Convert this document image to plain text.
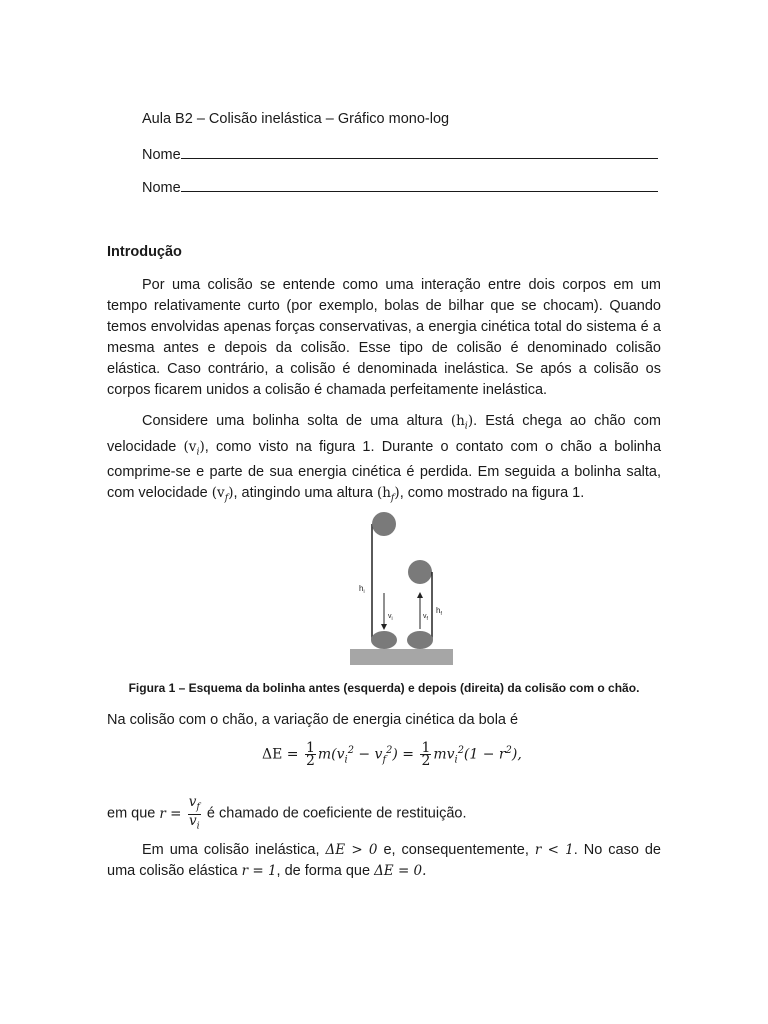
Aula B2 – Colisão inelástica – Gráfico mono-log
Nome
Nome
Introdução

Por uma colisão se entende como uma interação entre dois corpos em um tempo relativamente curto (por exemplo, bolas de bilhar que se chocam). Quando temos envolvidas apenas forças conservativas, a energia cinética total do sistema é a mesma antes e depois da colisão. Esse tipo de colisão é denominado colisão elástica. Caso contrário, a colisão é denominada inelástica. Se após a colisão os corpos ficarem unidos a colisão é chamada perfeitamente inelástica.

Considere uma bolinha solta de uma altura $(h_i)$. Está chega ao chão com velocidade $(v_i)$, como visto na figura 1. Durante o contato com o chão a bolinha comprime-se e parte de sua energia cinética é perdida. Em seguida a bolinha salta, com velocidade $(v_f)$, atingindo uma altura $(h_f)$, como mostrado na figura 1.

$h_i$
$v_i$	$v_f$
$h_f$
Figura 1 – Esquema da bolinha antes (esquerda) e depois (direita) da colisão com o chão.

Na colisão com o chão, a variação de energia cinética da bola é

$\Delta E = \frac{1}{2} m(v_i^2 - v_f^2) = \frac{1}{2} mv_i^2(1 - r^2)$,

em que $r = \frac{v_f}{v_i}$ é chamado de coeficiente de restituição.

Em uma colisão inelástica, ΔE > 0 e, consequentemente, r < 1. No caso de uma colisão elástica r = 1, de forma que ΔE = 0.
